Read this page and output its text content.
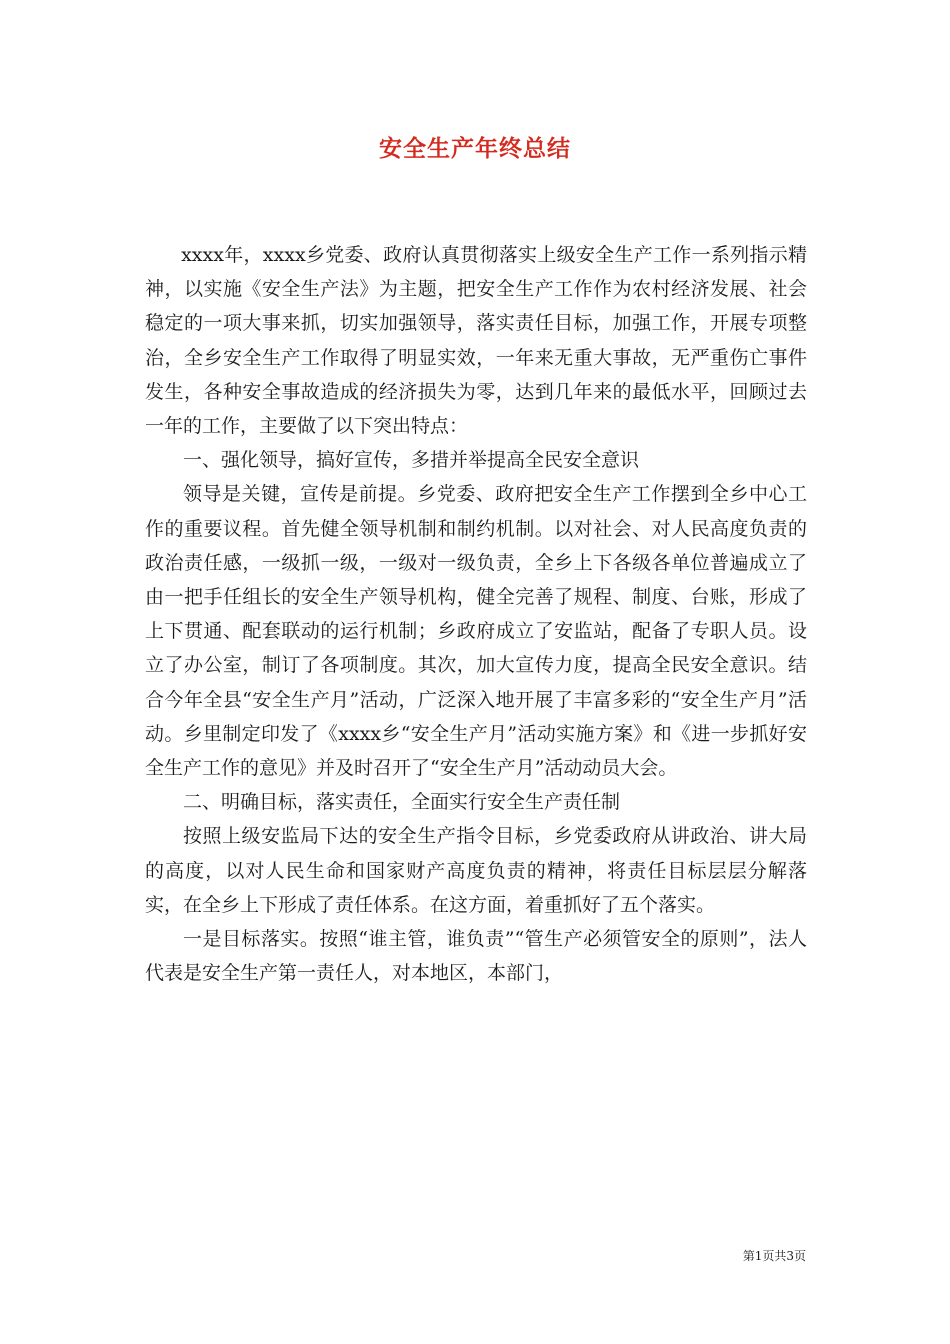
安全生产年终总结

xxxx年，xxxx乡党委、政府认真贯彻落实上级安全生产工作一系列指示精神，以实施《安全生产法》为主题，把安全生产工作作为农村经济发展、社会稳定的一项大事来抓，切实加强领导，落实责任目标，加强工作，开展专项整治，全乡安全生产工作取得了明显实效，一年来无重大事故，无严重伤亡事件发生，各种安全事故造成的经济损失为零，达到几年来的最低水平，回顾过去一年的工作，主要做了以下突出特点：

一、强化领导，搞好宣传，多措并举提高全民安全意识

领导是关键，宣传是前提。乡党委、政府把安全生产工作摆到全乡中心工作的重要议程。首先健全领导机制和制约机制。以对社会、对人民高度负责的政治责任感，一级抓一级，一级对一级负责，全乡上下各级各单位普遍成立了由一把手任组长的安全生产领导机构，健全完善了规程、制度、台账，形成了上下贯通、配套联动的运行机制；乡政府成立了安监站，配备了专职人员。设立了办公室，制订了各项制度。其次，加大宣传力度，提高全民安全意识。结合今年全县“安全生产月”活动，广泛深入地开展了丰富多彩的“安全生产月”活动。乡里制定印发了《xxxx乡“安全生产月”活动实施方案》和《进一步抓好安全生产工作的意见》并及时召开了“安全生产月”活动动员大会。

二、明确目标，落实责任，全面实行安全生产责任制

按照上级安监局下达的安全生产指令目标，乡党委政府从讲政治、讲大局的高度，以对人民生命和国家财产高度负责的精神，将责任目标层层分解落实，在全乡上下形成了责任体系。在这方面，着重抓好了五个落实。

一是目标落实。按照“谁主管，谁负责”“管生产必须管安全的原则”，法人代表是安全生产第一责任人，对本地区，本部门，

第1页共3页
